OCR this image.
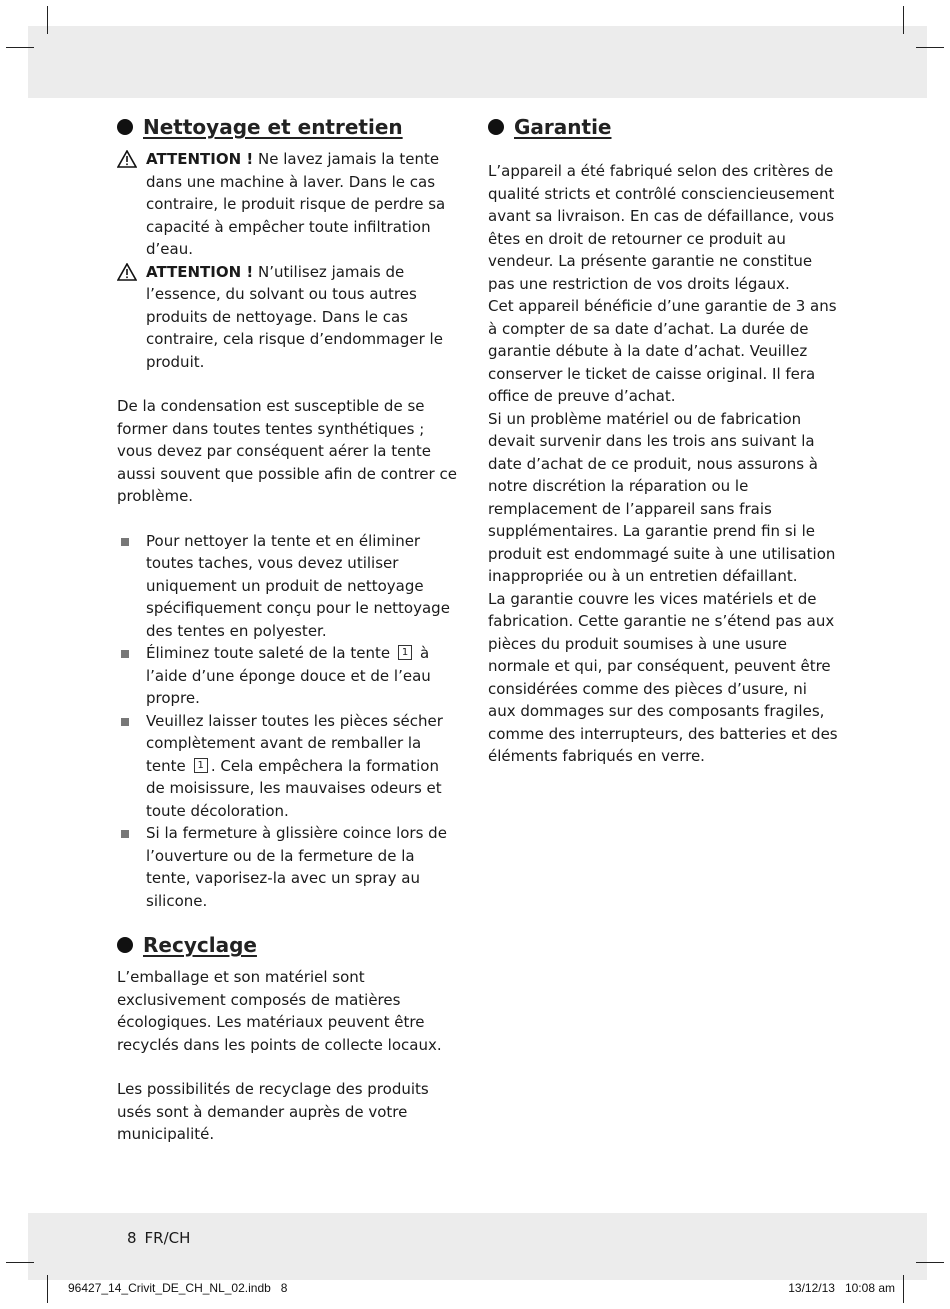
Nettoyage et entretien
ATTENTION ! Ne lavez jamais la tente dans une machine à laver. Dans le cas contraire, le produit risque de perdre sa capacité à empêcher toute infiltration d’eau.
ATTENTION ! N’utilisez jamais de l’essence, du solvant ou tous autres produits de nettoyage. Dans le cas contraire, cela risque d’endommager le produit.

De la condensation est susceptible de se former dans toutes tentes synthétiques ; vous devez par conséquent aérer la tente aussi souvent que possible afin de contrer ce problème.

Pour nettoyer la tente et en éliminer toutes taches, vous devez utiliser uniquement un produit de nettoyage spécifiquement conçu pour le nettoyage des tentes en polyester.
Éliminez toute saleté de la tente 1 à l’aide d’une éponge douce et de l’eau propre.
Veuillez laisser toutes les pièces sécher complètement avant de remballer la tente 1 . Cela empêchera la formation de moisissure, les mauvaises odeurs et toute décoloration.
Si la fermeture à glissière coince lors de l’ouverture ou de la fermeture de la tente, vaporisez-la avec un spray au silicone.
Recyclage

L’emballage et son matériel sont exclusivement composés de matières écologiques. Les matériaux peuvent être recyclés dans les points de collecte locaux.

Les possibilités de recyclage des produits usés sont à demander auprès de votre municipalité.

Garantie

L’appareil a été fabriqué selon des critères de qualité stricts et contrôlé consciencieusement avant sa livraison. En cas de défaillance, vous êtes en droit de retourner ce produit au vendeur. La présente garantie ne constitue pas une restriction de vos droits légaux.

Cet appareil bénéficie d’une garantie de 3 ans à compter de sa date d’achat. La durée de garantie débute à la date d’achat. Veuillez conserver le ticket de caisse original. Il fera office de preuve d’achat.

Si un problème matériel ou de fabrication devait survenir dans les trois ans suivant la date d’achat de ce produit, nous assurons à notre discrétion la réparation ou le remplacement de l’appareil sans frais supplémentaires. La garantie prend fin si le produit est endommagé suite à une utilisation inappropriée ou à un entretien défaillant.

La garantie couvre les vices matériels et de fabrication. Cette garantie ne s’étend pas aux pièces du produit soumises à une usure normale et qui, par conséquent, peuvent être considérées comme des pièces d’usure, ni aux dommages sur des composants fragiles, comme des interrupteurs, des batteries et des éléments fabriqués en verre.

8 FR/CH
96427_14_Crivit_DE_CH_NL_02.indb   8	13/12/13   10:08 am
